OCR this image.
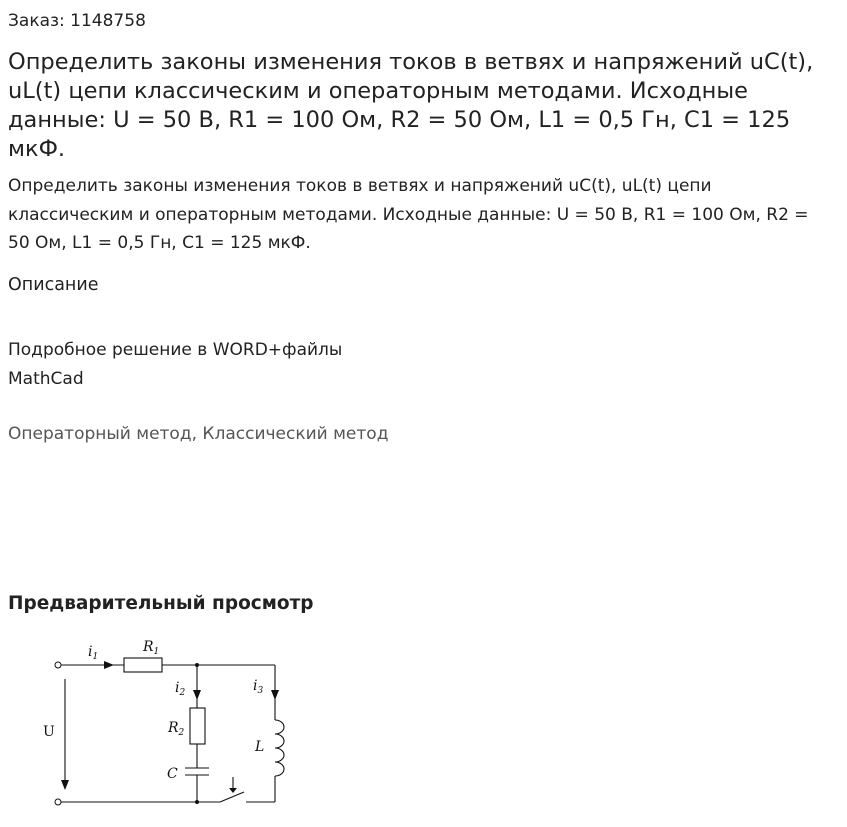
Заказ: 1148758
Определить законы изменения токов в ветвях и напряжений uC(t), uL(t) цепи классическим и операторным методами. Исходные данные: U = 50 В, R1 = 100 Ом, R2 = 50 Ом, L1 = 0,5 Гн, C1 = 125 мкФ.

Определить законы изменения токов в ветвях и напряжений uC(t), uL(t) цепи классическим и операторным методами. Исходные данные: U = 50 В, R1 = 100 Ом, R2 = 50 Ом, L1 = 0,5 Гн, C1 = 125 мкФ.

Описание
Подробное решение в WORD+файлы
MathCad
Операторный метод, Классический метод
Предварительный просмотр
$i_1$
$R_1$
$i_2$	$i_3$
$R_2$
L
C
U
